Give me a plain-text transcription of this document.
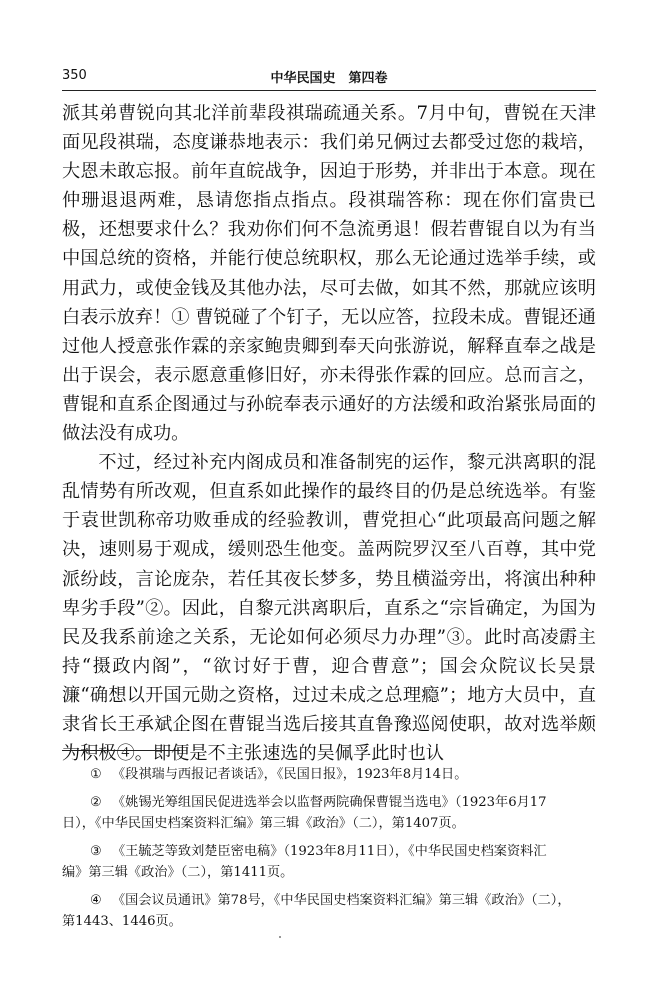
350	中华民国史　第四卷

派其弟曹锐向其北洋前辈段祺瑞疏通关系。7月中旬，曹锐在天津面见段祺瑞，态度谦恭地表示：我们弟兄俩过去都受过您的栽培，大恩未敢忘报。前年直皖战争，因迫于形势，并非出于本意。现在仲珊退退两难，恳请您指点指点。段祺瑞答称：现在你们富贵已极，还想要求什么？我劝你们何不急流勇退！假若曹锟自以为有当中国总统的资格，并能行使总统职权，那么无论通过选举手续，或用武力，或使金钱及其他办法，尽可去做，如其不然，那就应该明白表示放弃！① 曹锐碰了个钉子，无以应答，拉段未成。曹锟还通过他人授意张作霖的亲家鲍贵卿到奉天向张游说，解释直奉之战是出于误会，表示愿意重修旧好，亦未得张作霖的回应。总而言之，曹锟和直系企图通过与孙皖奉表示通好的方法缓和政治紧张局面的做法没有成功。

不过，经过补充内阁成员和准备制宪的运作，黎元洪离职的混乱情势有所改观，但直系如此操作的最终目的仍是总统选举。有鉴于袁世凯称帝功败垂成的经验教训，曹党担心“此项最高问题之解决，速则易于观成，缓则恐生他变。盖两院罗汉至八百尊，其中党派纷歧，言论庞杂，若任其夜长梦多，势且横溢旁出，将演出种种卑劣手段”②。因此，自黎元洪离职后，直系之“宗旨确定，为国为民及我系前途之关系，无论如何必须尽力办理”③。此时高凌霨主持“摄政内阁”，“欲讨好于曹，迎合曹意”；国会众院议长吴景濂“确想以开国元勋之资格，过过未成之总理瘾”；地方大员中，直隶省长王承斌企图在曹锟当选后接其直鲁豫巡阅使职，故对选举颇为积极④。即便是不主张速选的吴佩孚此时也认

① 《段祺瑞与西报记者谈话》，《民国日报》，1923年8月14日。
② 《姚锡光筹组国民促进选举会以监督两院确保曹锟当选电》（1923年6月17
日），《中华民国史档案资料汇编》第三辑《政治》（二），第1407页。
③ 《王毓芝等致刘楚臣密电稿》（1923年8月11日），《中华民国史档案资料汇
编》第三辑《政治》（二），第1411页。
④ 《国会议员通讯》第78号，《中华民国史档案资料汇编》第三辑《政治》（二），
第1443、1446页。
